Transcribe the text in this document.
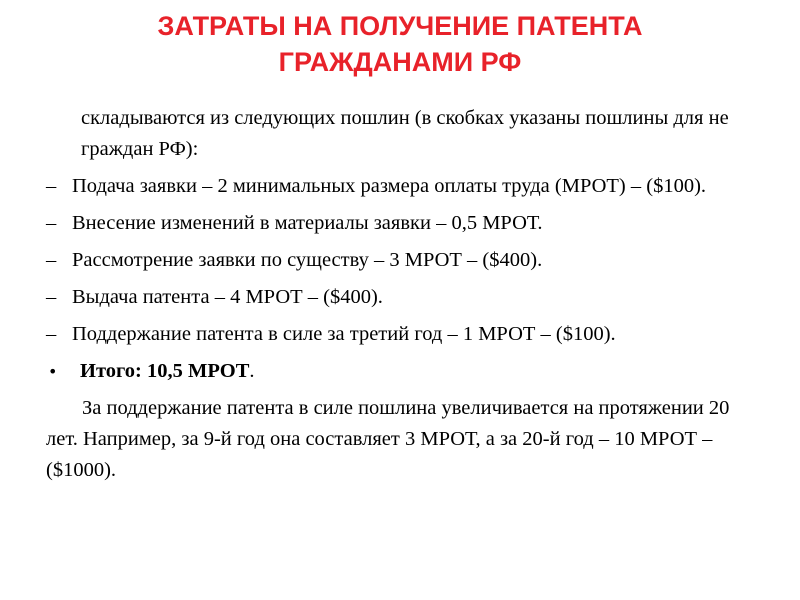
ЗАТРАТЫ НА ПОЛУЧЕНИЕ ПАТЕНТА
ГРАЖДАНАМИ РФ

складываются из следующих пошлин (в скобках указаны пошлины для не граждан РФ):

– Подача заявки – 2 минимальных размера оплаты труда (МРОТ) – ($100).

– Внесение изменений в материалы заявки – 0,5 МРОТ.

– Рассмотрение заявки по существу – 3 МРОТ – ($400).

– Выдача патента – 4 МРОТ – ($400).

– Поддержание патента в силе за третий год – 1 МРОТ – ($100).

• Итого: 10,5 МРОТ.

За поддержание патента в силе пошлина увеличивается на протяжении 20 лет. Например, за 9-й год она составляет 3 МРОТ, а за 20-й год – 10 МРОТ – ($1000).
